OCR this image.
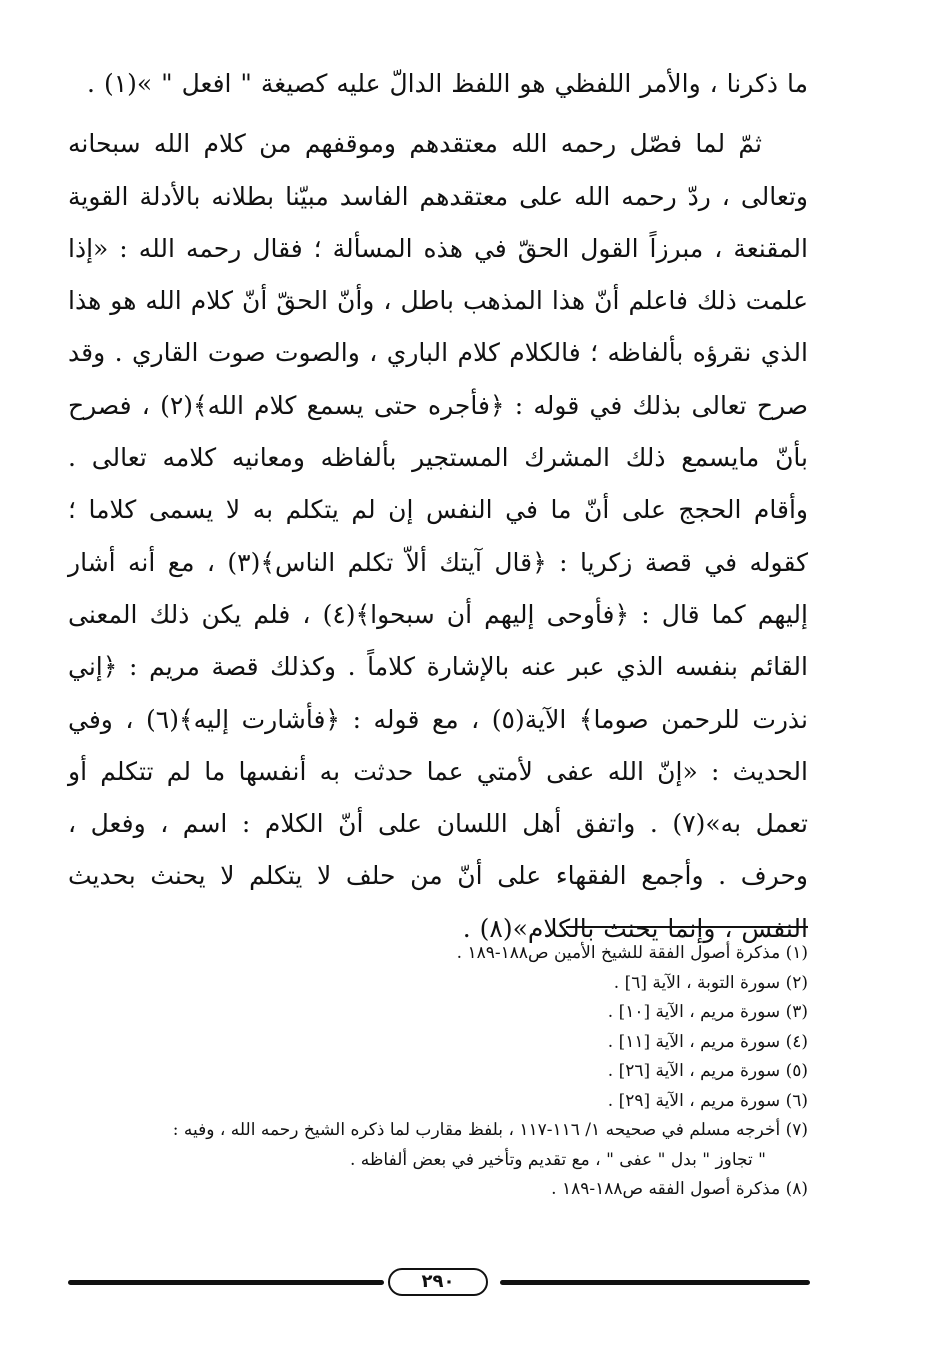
ما ذكرنا ، والأمر اللفظي هو اللفظ الدالّ عليه كصيغة " افعل " »(١) .

ثمّ لما فصّل رحمه الله معتقدهم وموقفهم من كلام الله سبحانه وتعالى ، ردّ رحمه الله على معتقدهم الفاسد مبيّنا بطلانه بالأدلة القوية المقنعة ، مبرزاً القول الحقّ في هذه المسألة ؛ فقال رحمه الله : «إذا علمت ذلك فاعلم أنّ هذا المذهب باطل ، وأنّ الحقّ أنّ كلام الله هو هذا الذي نقرؤه بألفاظه ؛ فالكلام كلام الباري ، والصوت صوت القاري . وقد صرح تعالى بذلك في قوله : ﴿فأجره حتى يسمع كلام الله﴾(٢) ، فصرح بأنّ مايسمع ذلك المشرك المستجير بألفاظه ومعانيه كلامه تعالى . وأقام الحجج على أنّ ما في النفس إن لم يتكلم به لا يسمى كلاما ؛ كقوله في قصة زكريا : ﴿قال آيتك ألاّ تكلم الناس﴾(٣) ، مع أنه أشار إليهم كما قال : ﴿فأوحى إليهم أن سبحوا﴾(٤) ، فلم يكن ذلك المعنى القائم بنفسه الذي عبر عنه بالإشارة كلاماً . وكذلك قصة مريم : ﴿إني نذرت للرحمن صوما﴾ الآية(٥) ، مع قوله : ﴿فأشارت إليه﴾(٦) ، وفي الحديث : «إنّ الله عفى لأمتي عما حدثت به أنفسها ما لم تتكلم أو تعمل به»(٧) . واتفق أهل اللسان على أنّ الكلام : اسم ، وفعل ، وحرف . وأجمع الفقهاء على أنّ من حلف لا يتكلم لا يحنث بحديث النفس ، وإنما يحنث بالكلام»(٨) .

(١) مذكرة أصول الفقة للشيخ الأمين ص١٨٨-١٨٩ .
(٢) سورة التوبة ، الآية [٦] .
(٣) سورة مريم ، الآية [١٠] .
(٤) سورة مريم ، الآية [١١] .
(٥) سورة مريم ، الآية [٢٦] .
(٦) سورة مريم ، الآية [٢٩] .
(٧) أخرجه مسلم في صحيحه ١/ ١١٦-١١٧ ، بلفظ مقارب لما ذكره الشيخ رحمه الله ، وفيه :
" تجاوز " بدل " عفى " ، مع تقديم وتأخير في بعض ألفاظه .
(٨) مذكرة أصول الفقه ص١٨٨-١٨٩ .
٢٩٠
